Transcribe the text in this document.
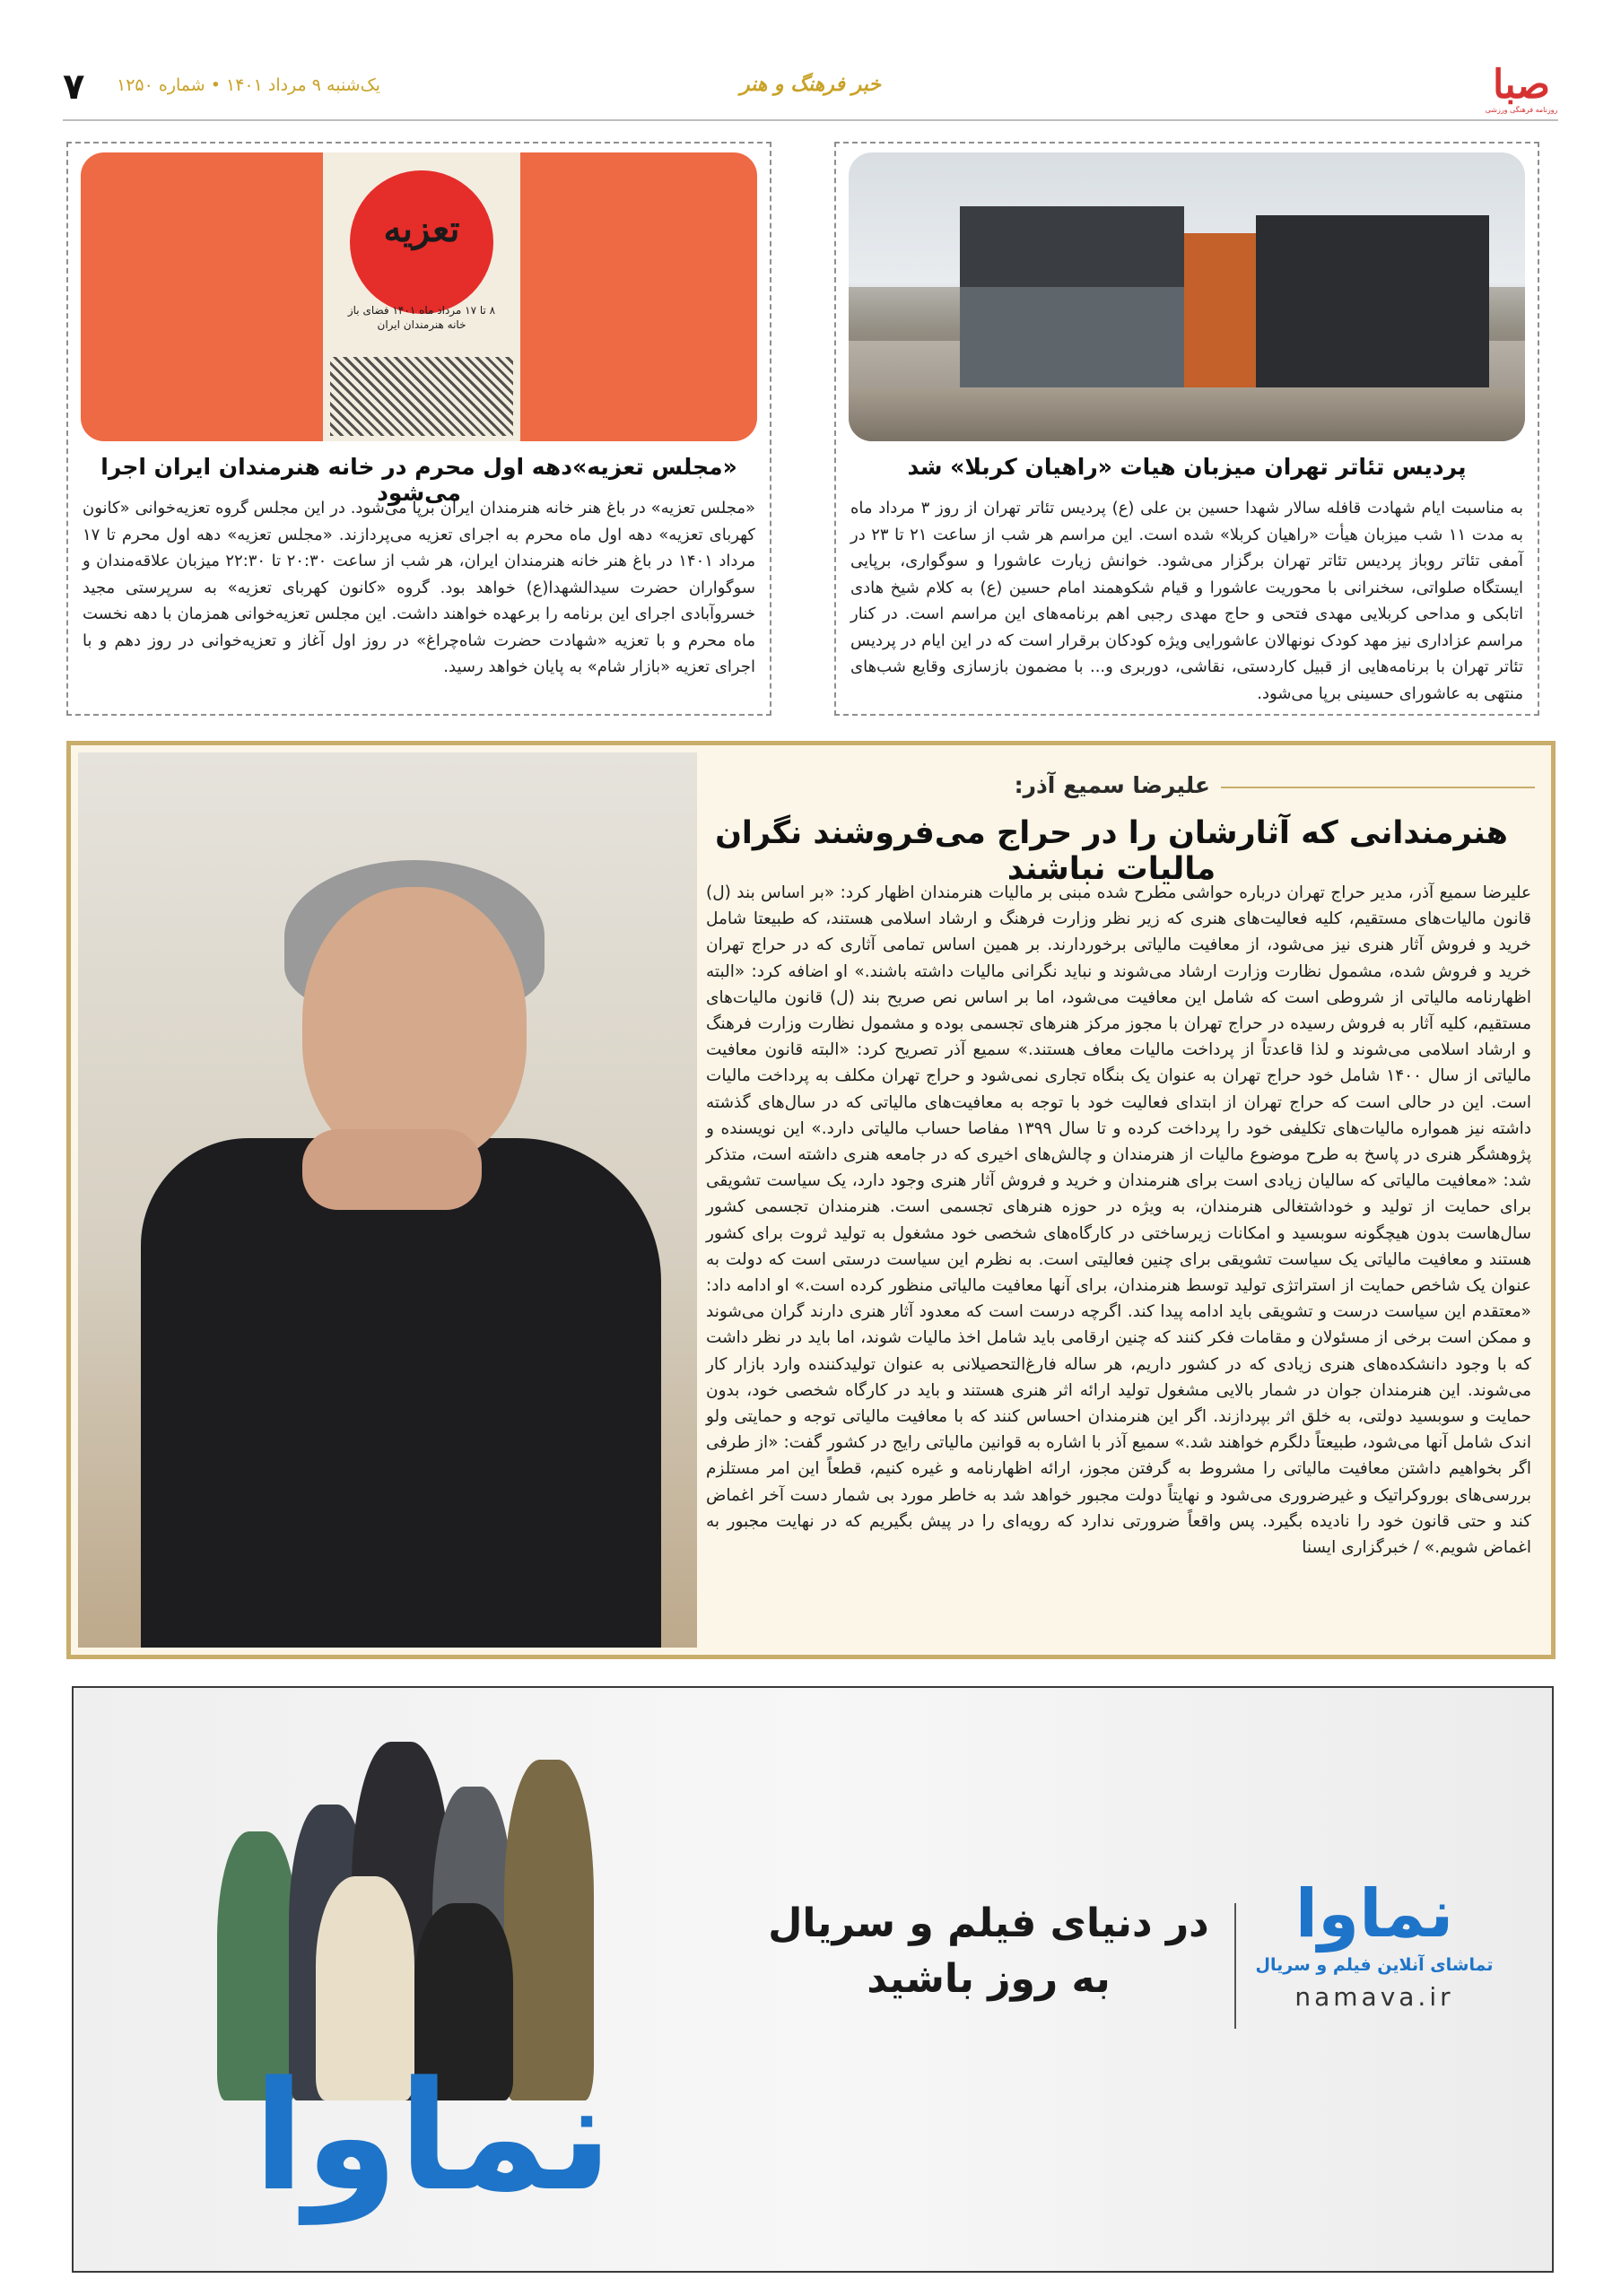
صبا
روزنامه فرهنگی ورزشی
خبر فرهنگ و هنر
یک‌شنبه ۹ مرداد ۱۴۰۱ • شماره ۱۲۵۰
۷
پردیس تئاتر تهران میزبان هیات «راهیان کربلا» شد
به مناسبت ایام شهادت قافله سالار شهدا حسین بن علی (ع) پردیس تئاتر تهران از روز ۳ مرداد ماه به مدت ۱۱ شب میزبان هیأت «راهیان کربلا» شده است. این مراسم هر شب از ساعت ۲۱ تا ۲۳ در آمفی تئاتر روباز پردیس تئاتر تهران برگزار می‌شود. خوانش زیارت عاشورا و سوگواری، برپایی ایستگاه صلواتی، سخنرانی با محوریت عاشورا و قیام شکوهمند امام حسین (ع) به کلام شیخ هادی اتابکی و مداحی کربلایی مهدی فتحی و حاج مهدی رجبی اهم برنامه‌های این مراسم است. در کنار مراسم عزاداری نیز مهد کودک نونهالان عاشورایی ویژه کودکان برقرار است که در این ایام در پردیس تئاتر تهران با برنامه‌هایی از قبیل کاردستی، نقاشی، دوربری و... با مضمون بازسازی وقایع شب‌های منتهی به عاشورای حسینی برپا می‌شود.
تعزیه
۸ تا ۱۷ مرداد ماه ۱۴۰۱ فضای باز خانه هنرمندان ایران
«مجلس تعزیه»دهه اول محرم در خانه هنرمندان ایران اجرا می‌شود
«مجلس تعزیه» در باغ هنر خانه هنرمندان ایران برپا می‌شود. در این مجلس گروه تعزیه‌خوانی «کانون کهربای تعزیه» دهه اول ماه محرم به اجرای تعزیه می‌پردازند. «مجلس تعزیه» دهه اول محرم تا ۱۷ مرداد ۱۴۰۱ در باغ هنر خانه هنرمندان ایران، هر شب از ساعت ۲۰:۳۰ تا ۲۲:۳۰ میزبان علاقه‌مندان و سوگواران حضرت سیدالشهدا(ع) خواهد بود. گروه «کانون کهربای تعزیه» به سرپرستی مجید خسروآبادی اجرای این برنامه را برعهده خواهند داشت. این مجلس تعزیه‌خوانی همزمان با دهه نخست ماه محرم و با تعزیه «شهادت حضرت شاه‌چراغ» در روز اول آغاز و تعزیه‌خوانی در روز دهم و با اجرای تعزیه «بازار شام» به پایان خواهد رسید.
علیرضا سمیع آذر:
هنرمندانی که آثارشان را در حراج می‌فروشند نگران مالیات نباشند
علیرضا سمیع آذر، مدیر حراج تهران درباره حواشی مطرح شده مبنی بر مالیات هنرمندان اظهار کرد: «بر اساس بند (ل) قانون مالیات‌های مستقیم، کلیه فعالیت‌های هنری که زیر نظر وزارت فرهنگ و ارشاد اسلامی هستند، که طبیعتا شامل خرید و فروش آثار هنری نیز می‌شود، از معافیت مالیاتی برخوردارند. بر همین اساس تمامی آثاری که در حراج تهران خرید و فروش شده، مشمول نظارت وزارت ارشاد می‌شوند و نباید نگرانی مالیات داشته باشند.» او اضافه کرد: «البته اظهارنامه مالیاتی از شروطی است که شامل این معافیت می‌شود، اما بر اساس نص صریح بند (ل) قانون مالیات‌های مستقیم، کلیه آثار به فروش رسیده در حراج تهران با مجوز مرکز هنرهای تجسمی بوده و مشمول نظارت وزارت فرهنگ و ارشاد اسلامی می‌شوند و لذا قاعدتاً از پرداخت مالیات معاف هستند.» سمیع آذر تصریح کرد: «البته قانون معافیت مالیاتی از سال ۱۴۰۰ شامل خود حراج تهران به عنوان یک بنگاه تجاری نمی‌شود و حراج تهران مکلف به پرداخت مالیات است. این در حالی است که حراج تهران از ابتدای فعالیت خود با توجه به معافیت‌های مالیاتی که در سال‌های گذشته داشته نیز همواره مالیات‌های تکلیفی خود را پرداخت کرده و تا سال ۱۳۹۹ مفاصا حساب مالیاتی دارد.» این نویسنده و پژوهشگر هنری در پاسخ به طرح موضوع مالیات از هنرمندان و چالش‌های اخیری که در جامعه هنری داشته است، متذکر شد: «معافیت مالیاتی که سالیان زیادی است برای هنرمندان و خرید و فروش آثار هنری وجود دارد، یک سیاست تشویقی برای حمایت از تولید و خوداشتغالی هنرمندان، به ویژه در حوزه هنرهای تجسمی است. هنرمندان تجسمی کشور سال‌هاست بدون هیچگونه سوبسید و امکانات زیرساختی در کارگاه‌های شخصی خود مشغول به تولید ثروت برای کشور هستند و معافیت مالیاتی یک سیاست تشویقی برای چنین فعالیتی است. به نظرم این سیاست درستی است که دولت به عنوان یک شاخص حمایت از استراتژی تولید توسط هنرمندان، برای آنها معافیت مالیاتی منظور کرده است.» او ادامه داد: «معتقدم این سیاست درست و تشویقی باید ادامه پیدا کند. اگرچه درست است که معدود آثار هنری دارند گران می‌شوند و ممکن است برخی از مسئولان و مقامات فکر کنند که چنین ارقامی باید شامل اخذ مالیات شوند، اما باید در نظر داشت که با وجود دانشکده‌های هنری زیادی که در کشور داریم، هر ساله فارغ‌التحصیلانی به عنوان تولیدکننده وارد بازار کار می‌شوند. این هنرمندان جوان در شمار بالایی مشغول تولید ارائه اثر هنری هستند و باید در کارگاه شخصی خود، بدون حمایت و سوبسید دولتی، به خلق اثر بپردازند. اگر این هنرمندان احساس کنند که با معافیت مالیاتی توجه و حمایتی ولو اندک شامل آنها می‌شود، طبیعتاً دلگرم خواهند شد.» سمیع آذر با اشاره به قوانین مالیاتی رایج در کشور گفت: «از طرفی اگر بخواهیم داشتن معافیت مالیاتی را مشروط به گرفتن مجوز، ارائه اظهارنامه و غیره کنیم، قطعاً این امر مستلزم بررسی‌های بوروکراتیک و غیرضروری می‌شود و نهایتاً دولت مجبور خواهد شد به خاطر مورد بی شمار دست آخر اغماض کند و حتی قانون خود را نادیده بگیرد. پس واقعاً ضرورتی ندارد که رویه‌ای را در پیش بگیریم که در نهایت مجبور به اغماض شویم.» / خبرگزاری ایسنا
نماوا
در دنیای فیلم و سریال
به روز باشید
نماوا
تماشای آنلاین فیلم و سریال
namava.ir
